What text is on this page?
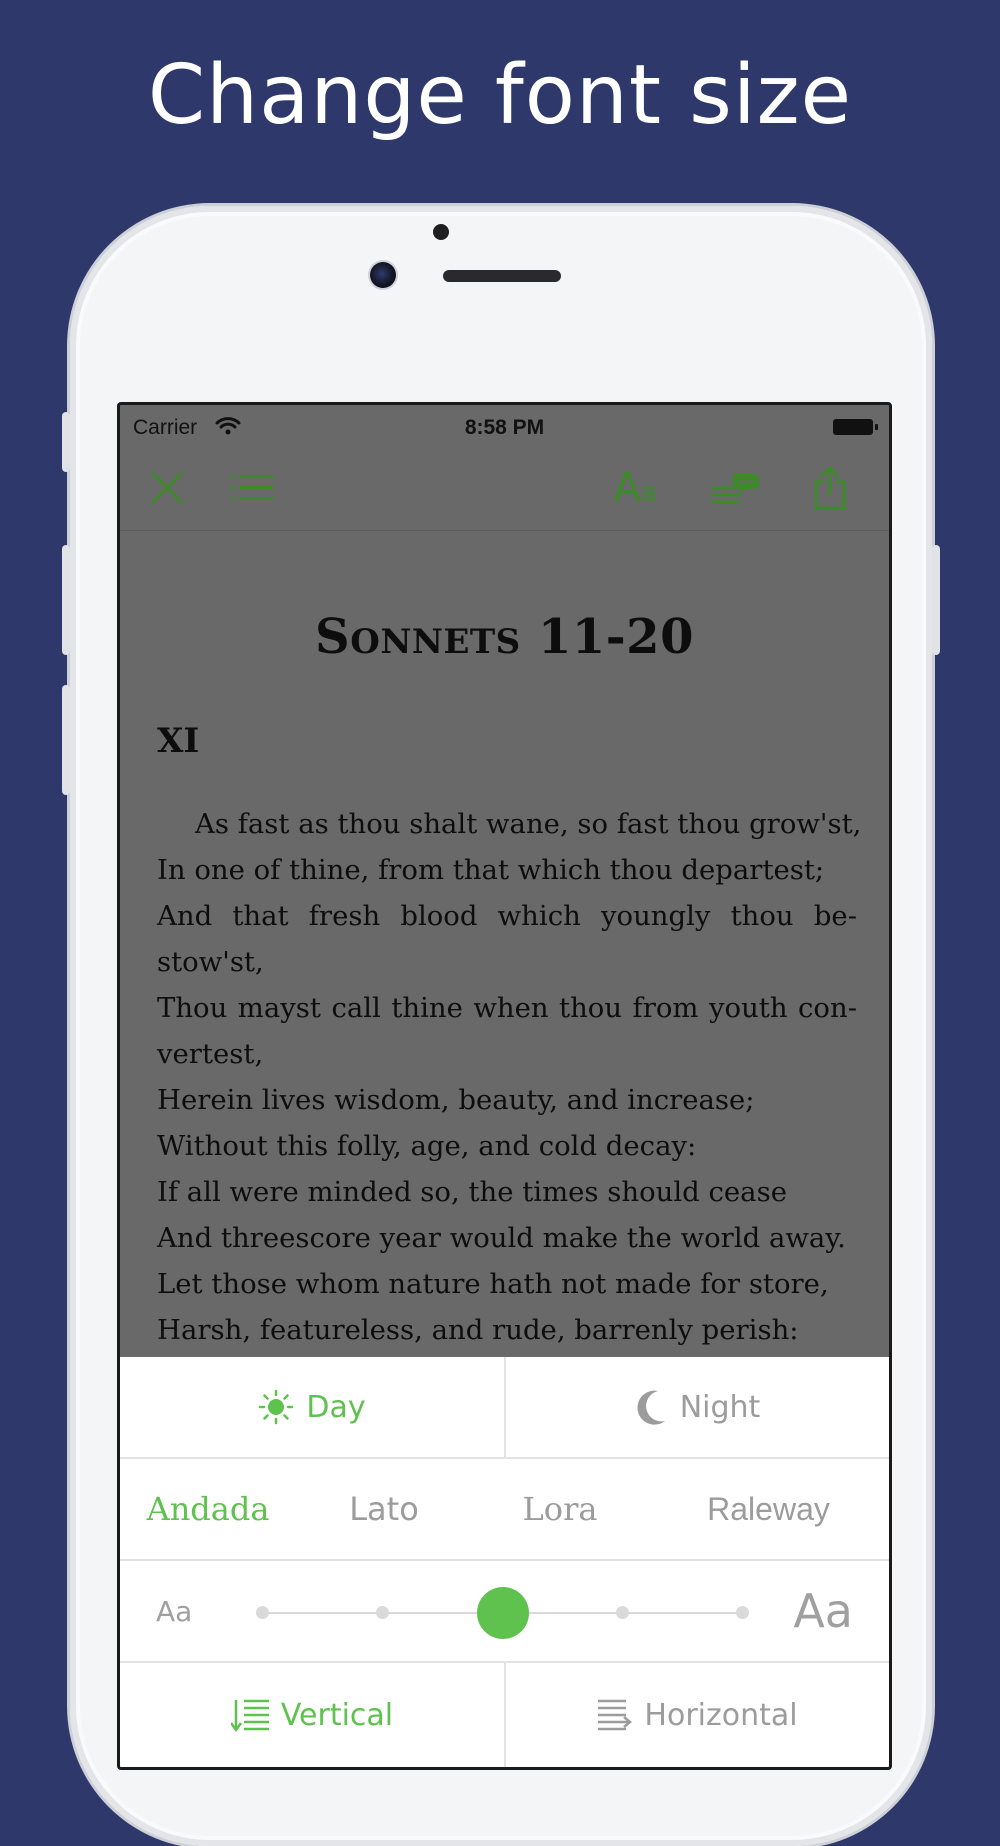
Change font size
Carrier	8:58 PM
A a
Sonnets 11-20
XI
As fast as thou shalt wane, so fast thou grow'st,
In one of thine, from that which thou departest;
And that fresh blood which youngly thou be-
stow'st,
Thou mayst call thine when thou from youth con-
vertest,
Herein lives wisdom, beauty, and increase;
Without this folly, age, and cold decay:
If all were minded so, the times should cease
And threescore year would make the world away.
Let those whom nature hath not made for store,
Harsh, featureless, and rude, barrenly perish:
Day	Night
Andada Lato	Lora	Raleway
Aa	Aa
Vertical	Horizontal
